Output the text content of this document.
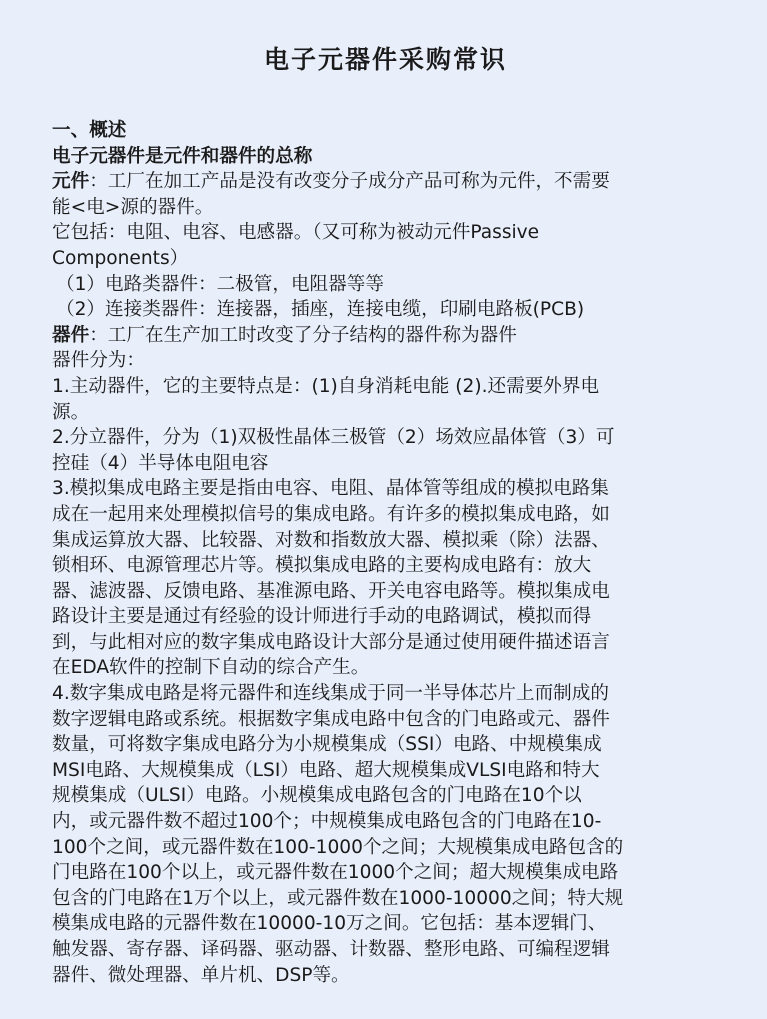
电子元器件采购常识
一、概述
电子元器件是元件和器件的总称
元件：工厂在加工产品是没有改变分子成分产品可称为元件，不需要
能<电>源的器件。
它包括：电阻、电容、电感器。（又可称为被动元件Passive
Components）
（1）电路类器件：二极管，电阻器等等
（2）连接类器件：连接器，插座，连接电缆，印刷电路板(PCB)
器件：工厂在生产加工时改变了分子结构的器件称为器件
器件分为：
1.主动器件，它的主要特点是：(1)自身消耗电能 (2).还需要外界电
源。
2.分立器件，分为（1)双极性晶体三极管（2）场效应晶体管（3）可
控硅（4）半导体电阻电容
3.模拟集成电路主要是指由电容、电阻、晶体管等组成的模拟电路集
成在一起用来处理模拟信号的集成电路。有许多的模拟集成电路，如
集成运算放大器、比较器、对数和指数放大器、模拟乘（除）法器、
锁相环、电源管理芯片等。模拟集成电路的主要构成电路有：放大
器、滤波器、反馈电路、基准源电路、开关电容电路等。模拟集成电
路设计主要是通过有经验的设计师进行手动的电路调试，模拟而得
到，与此相对应的数字集成电路设计大部分是通过使用硬件描述语言
在EDA软件的控制下自动的综合产生。
4.数字集成电路是将元器件和连线集成于同一半导体芯片上而制成的
数字逻辑电路或系统。根据数字集成电路中包含的门电路或元、器件
数量，可将数字集成电路分为小规模集成（SSI）电路、中规模集成
MSI电路、大规模集成（LSI）电路、超大规模集成VLSI电路和特大
规模集成（ULSI）电路。小规模集成电路包含的门电路在10个以
内，或元器件数不超过100个；中规模集成电路包含的门电路在10-
100个之间，或元器件数在100-1000个之间；大规模集成电路包含的
门电路在100个以上，或元器件数在1000个之间；超大规模集成电路
包含的门电路在1万个以上，或元器件数在1000-10000之间；特大规
模集成电路的元器件数在10000-10万之间。它包括：基本逻辑门、
触发器、寄存器、译码器、驱动器、计数器、整形电路、可编程逻辑
器件、微处理器、单片机、DSP等。
